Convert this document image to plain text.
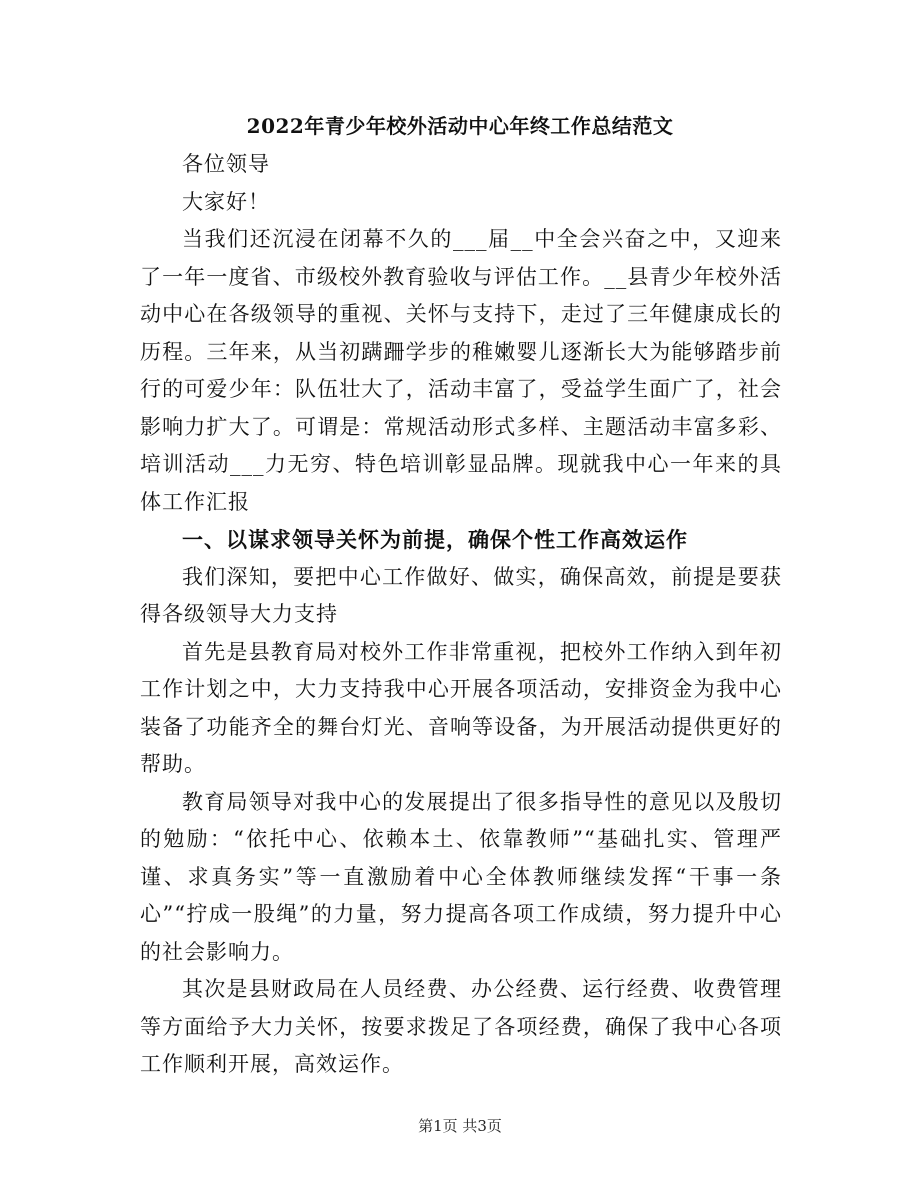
2022年青少年校外活动中心年终工作总结范文

各位领导

大家好！

当我们还沉浸在闭幕不久的___届__中全会兴奋之中，又迎来了一年一度省、市级校外教育验收与评估工作。__县青少年校外活动中心在各级领导的重视、关怀与支持下，走过了三年健康成长的历程。三年来，从当初蹒跚学步的稚嫩婴儿逐渐长大为能够踏步前行的可爱少年：队伍壮大了，活动丰富了，受益学生面广了，社会影响力扩大了。可谓是：常规活动形式多样、主题活动丰富多彩、培训活动___力无穷、特色培训彰显品牌。现就我中心一年来的具体工作汇报

一、以谋求领导关怀为前提，确保个性工作高效运作

我们深知，要把中心工作做好、做实，确保高效，前提是要获得各级领导大力支持

首先是县教育局对校外工作非常重视，把校外工作纳入到年初工作计划之中，大力支持我中心开展各项活动，安排资金为我中心装备了功能齐全的舞台灯光、音响等设备，为开展活动提供更好的帮助。

教育局领导对我中心的发展提出了很多指导性的意见以及殷切的勉励：“依托中心、依赖本土、依靠教师”“基础扎实、管理严谨、求真务实”等一直激励着中心全体教师继续发挥“干事一条心”“拧成一股绳”的力量，努力提高各项工作成绩，努力提升中心的社会影响力。

其次是县财政局在人员经费、办公经费、运行经费、收费管理等方面给予大力关怀，按要求拨足了各项经费，确保了我中心各项工作顺利开展，高效运作。

第1页 共3页
